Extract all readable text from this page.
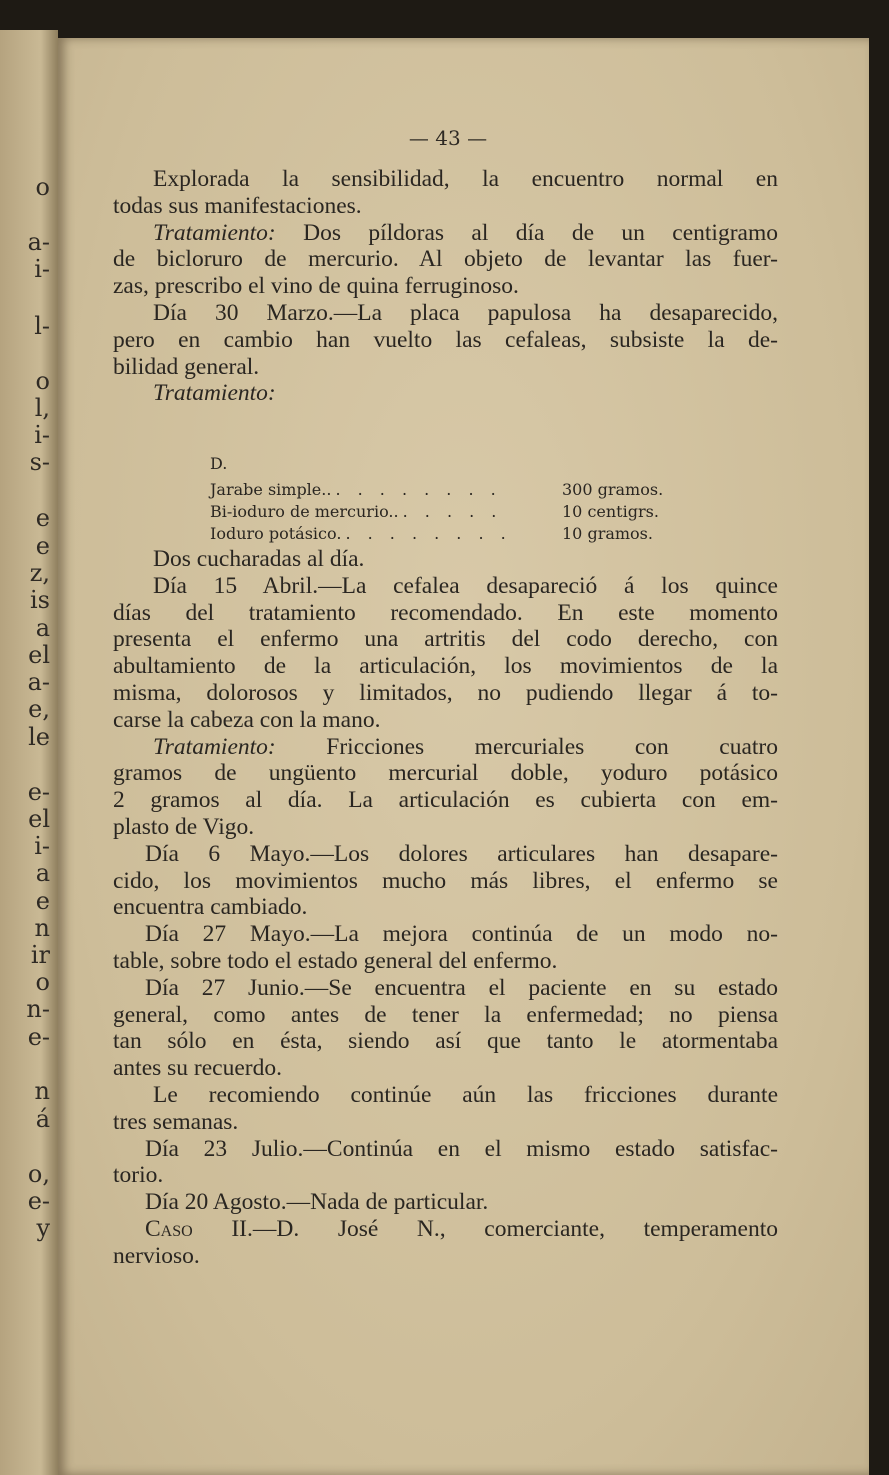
o
a-
i-
l-
o
l,
i-
s-
e
e
z,
is
a
el
a-
e,
le
e-
el
i-
a
e
n
ir
o
n-
e-
n
á
o,
e-
y
— 43 —
Explorada la sensibilidad, la encuentro normal en
todas sus manifestaciones.
Tratamiento: Dos píldoras al día de un centigramo
de bicloruro de mercurio. Al objeto de levantar las fuer-
zas, prescribo el vino de quina ferruginoso.
Día 30 Marzo.—La placa papulosa ha desaparecido,
pero en cambio han vuelto las cefaleas, subsiste la de-
bilidad general.
Tratamiento:
D.
Jarabe simple.. . . . . . . . .	300 gramos.
Bi-ioduro de mercurio.. . . . . .	10 centigrs.
Ioduro potásico. . . . . . . . .	10 gramos.
Dos cucharadas al día.
Día 15 Abril.—La cefalea desapareció á los quince
días del tratamiento recomendado. En este momento
presenta el enfermo una artritis del codo derecho, con
abultamiento de la articulación, los movimientos de la
misma, dolorosos y limitados, no pudiendo llegar á to-
carse la cabeza con la mano.
Tratamiento: Fricciones mercuriales con cuatro
gramos de ungüento mercurial doble, yoduro potásico
2 gramos al día. La articulación es cubierta con em-
plasto de Vigo.
Día 6 Mayo.—Los dolores articulares han desapare-
cido, los movimientos mucho más libres, el enfermo se
encuentra cambiado.
Día 27 Mayo.—La mejora continúa de un modo no-
table, sobre todo el estado general del enfermo.
Día 27 Junio.—Se encuentra el paciente en su estado
general, como antes de tener la enfermedad; no piensa
tan sólo en ésta, siendo así que tanto le atormentaba
antes su recuerdo.
Le recomiendo continúe aún las fricciones durante
tres semanas.
Día 23 Julio.—Continúa en el mismo estado satisfac-
torio.
Día 20 Agosto.—Nada de particular.
Caso II.—D. José N., comerciante, temperamento
nervioso.
